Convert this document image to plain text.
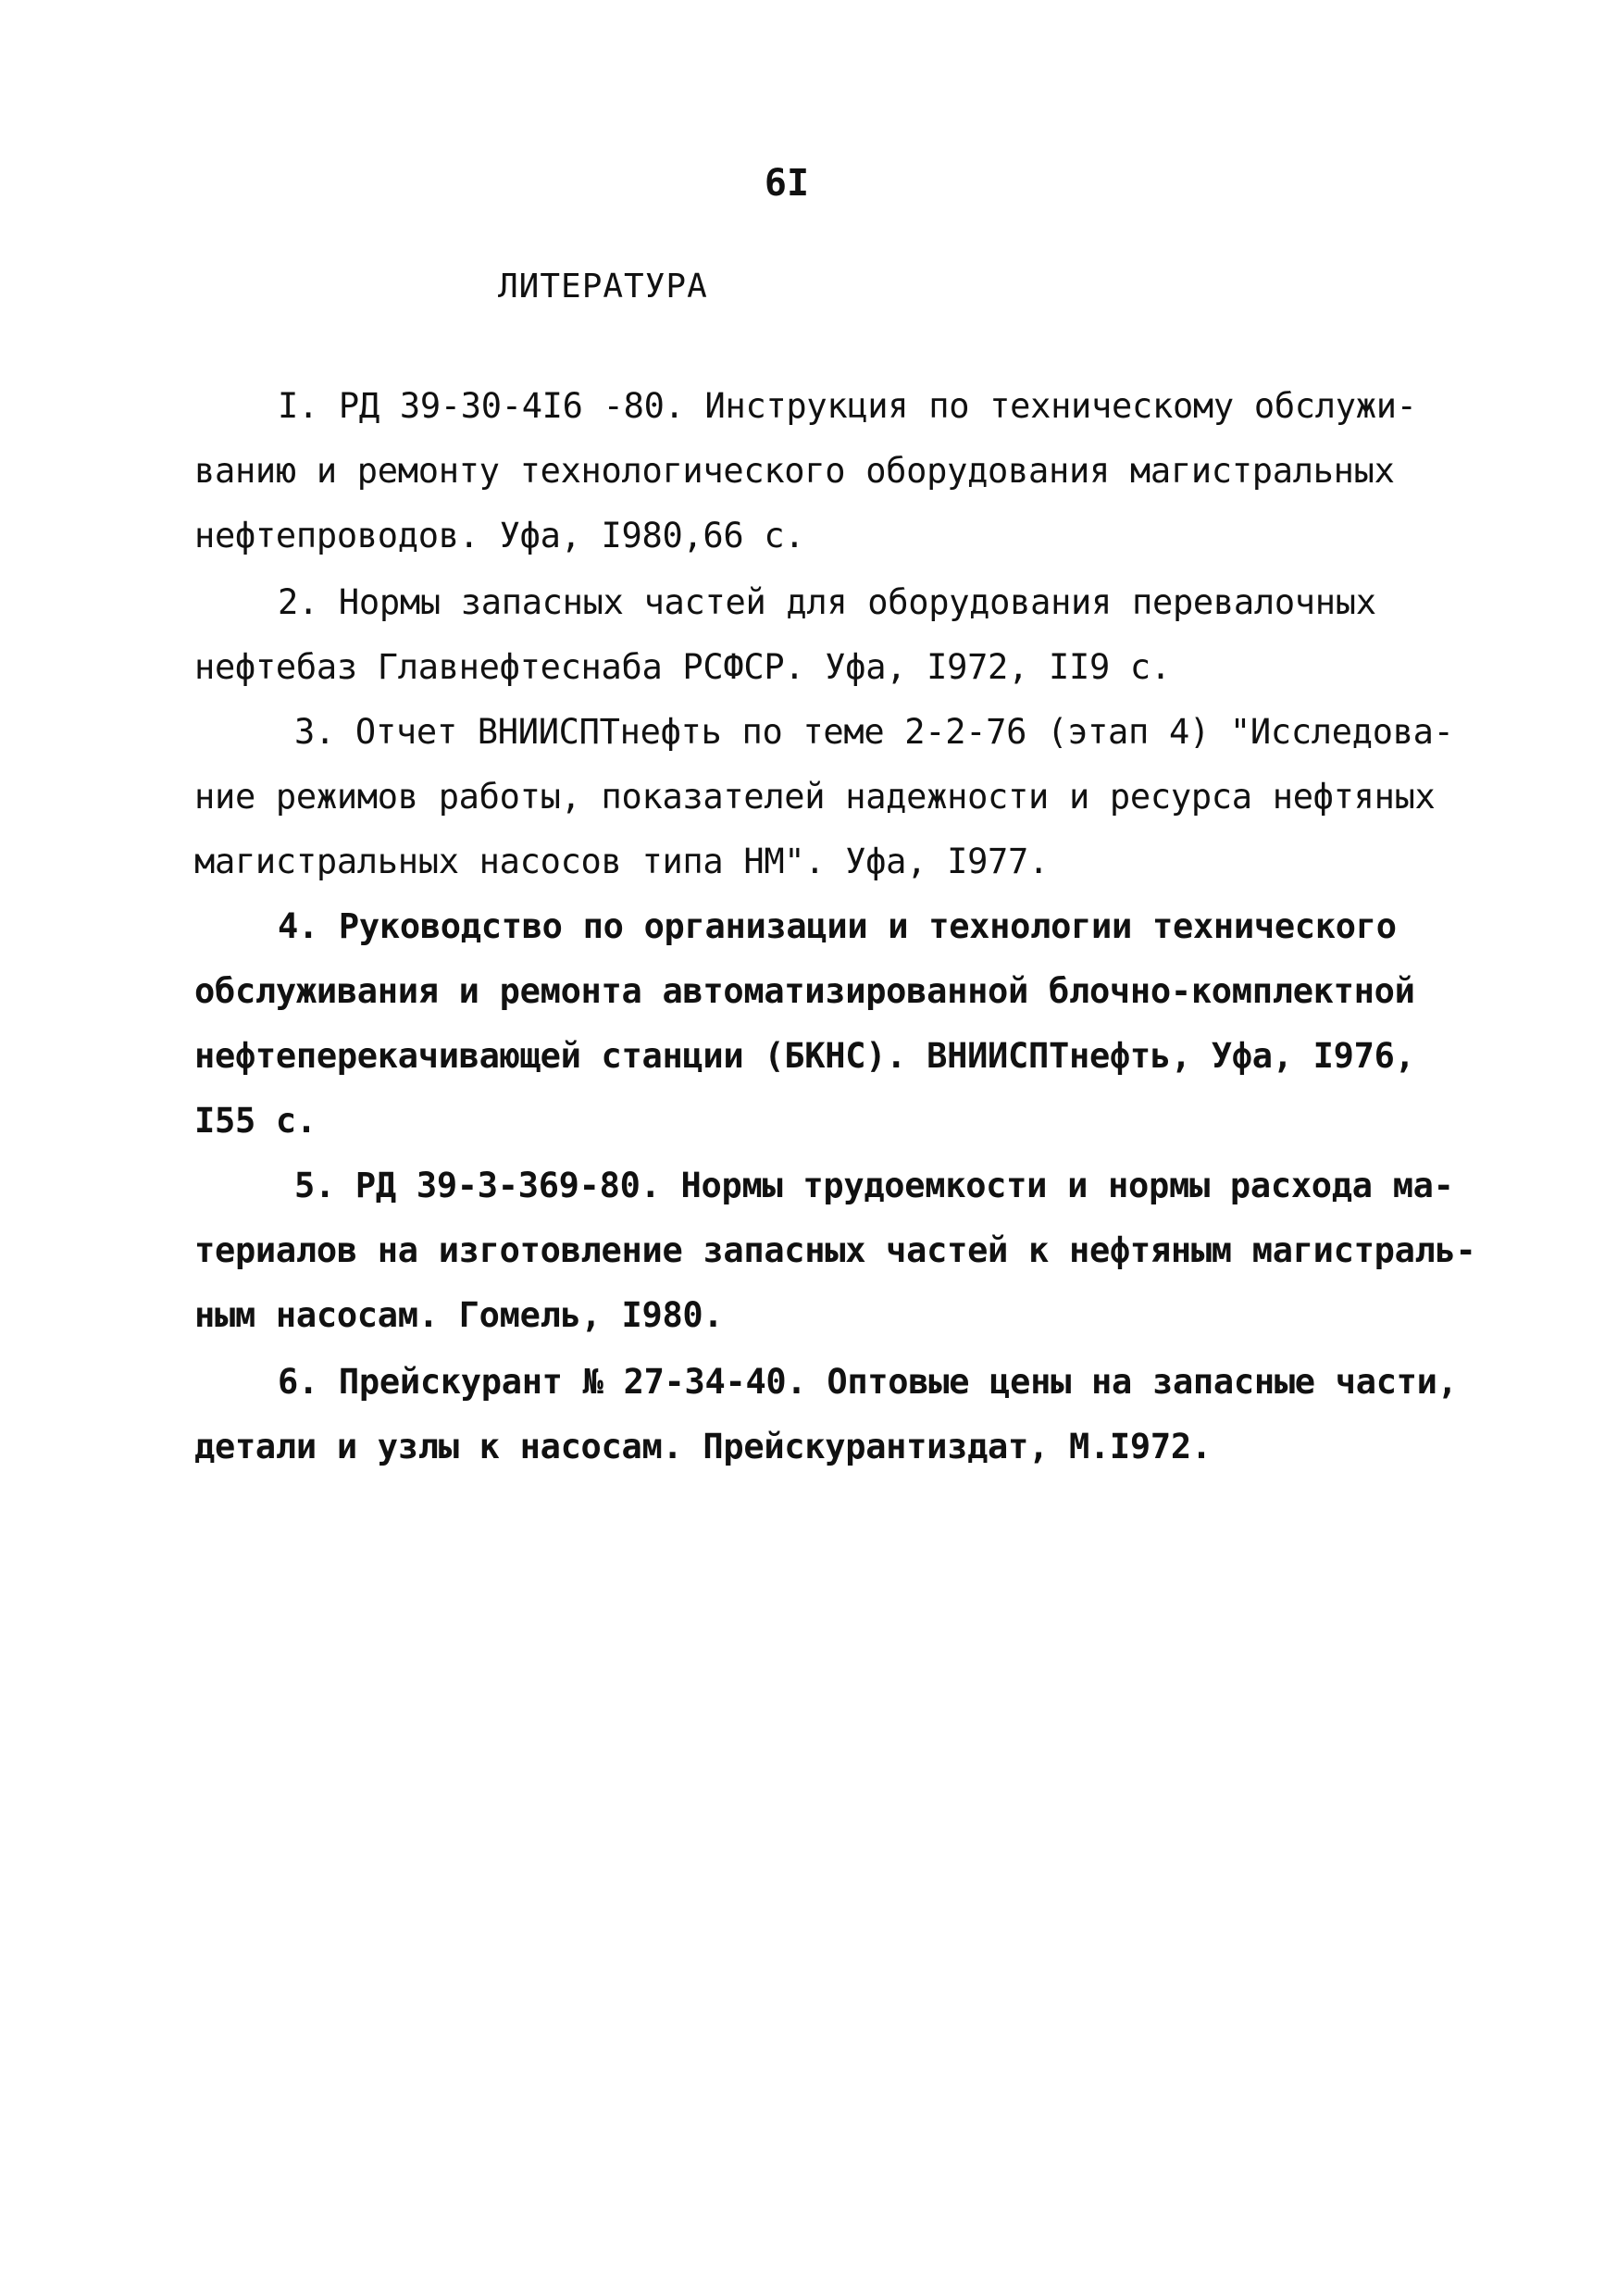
6I
ЛИТЕРАТУРА
I. РД 39-30-4I6 -80. Инструкция по техническому обслужи-
ванию и ремонту технологического оборудования магистральных
нефтепроводов. Уфа, I980,66 с.
2. Нормы запасных частей для оборудования перевалочных
нефтебаз Главнефтеснаба РСФСР. Уфа, I972, II9 с.
3. Отчет ВНИИСПТнефть по теме 2-2-76 (этап 4) "Исследова-
ние режимов работы, показателей надежности и ресурса нефтяных
магистральных насосов типа НМ". Уфа, I977.
4. Руководство по организации и технологии технического
обслуживания и ремонта автоматизированной блочно-комплектной
нефтеперекачивающей станции (БКНС). ВНИИСПТнефть, Уфа, I976,
I55 с.
5. РД 39-3-369-80. Нормы трудоемкости и нормы расхода ма-
териалов на изготовление запасных частей к нефтяным магистраль-
ным насосам. Гомель, I980.
6. Прейскурант № 27-34-40. Оптовые цены на запасные части,
детали и узлы к насосам. Прейскурантиздат, М.I972.
